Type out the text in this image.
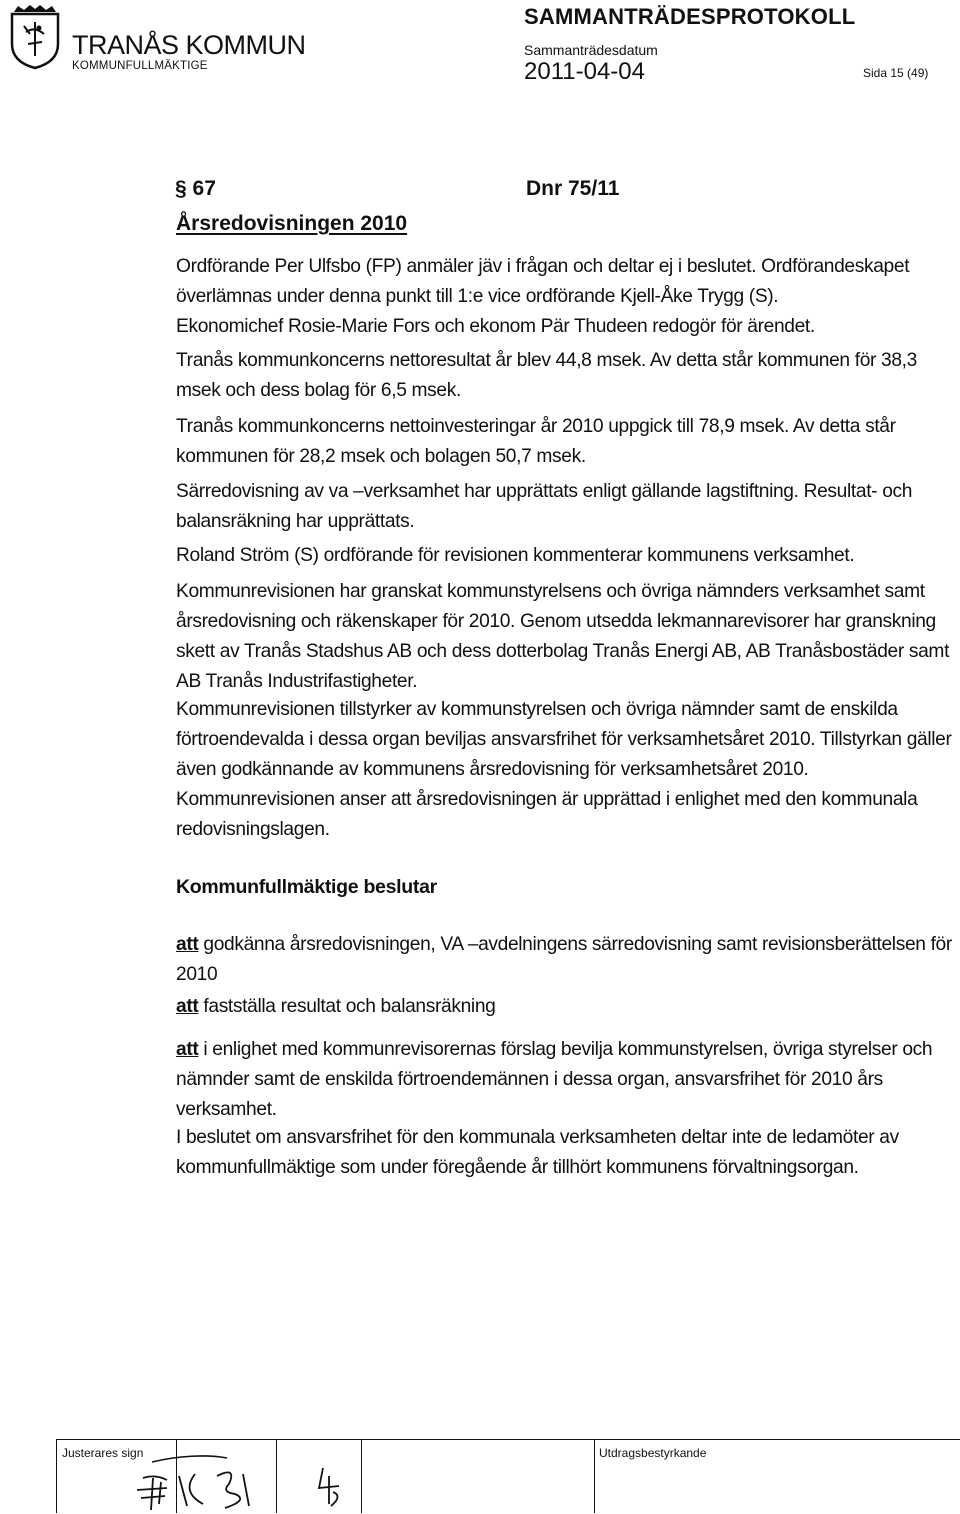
TRANÅS KOMMUN
KOMMUNFULLMÄKTIGE
SAMMANTRÄDESPROTOKOLL
Sammanträdesdatum
2011-04-04	Sida 15 (49)
§ 67	Dnr 75/11
Årsredovisningen 2010

Ordförande Per Ulfsbo (FP) anmäler jäv i frågan och deltar ej i beslutet. Ordförandeskapet överlämnas under denna punkt till 1:e vice ordförande Kjell-Åke Trygg (S).

Ekonomichef Rosie-Marie Fors och ekonom Pär Thudeen redogör för ärendet.

Tranås kommunkoncerns nettoresultat år blev 44,8 msek. Av detta står kommunen för 38,3 msek och dess bolag för 6,5 msek.

Tranås kommunkoncerns nettoinvesteringar år 2010 uppgick till 78,9 msek. Av detta står kommunen för 28,2 msek och bolagen 50,7 msek.

Särredovisning av va –verksamhet har upprättats enligt gällande lagstiftning. Resultat- och balansräkning har upprättats.

Roland Ström (S) ordförande för revisionen kommenterar kommunens verksamhet.

Kommunrevisionen har granskat kommunstyrelsens och övriga nämnders verksamhet samt årsredovisning och räkenskaper för 2010. Genom utsedda lekmannarevisorer har granskning skett av Tranås Stadshus AB och dess dotterbolag Tranås Energi AB, AB Tranåsbostäder samt AB Tranås Industrifastigheter.

Kommunrevisionen tillstyrker av kommunstyrelsen och övriga nämnder samt de enskilda förtroendevalda i dessa organ beviljas ansvarsfrihet för verksamhetsåret 2010. Tillstyrkan gäller även godkännande av kommunens årsredovisning för verksamhetsåret 2010. Kommunrevisionen anser att årsredovisningen är upprättad i enlighet med den kommunala redovisningslagen.

Kommunfullmäktige beslutar

att godkänna årsredovisningen, VA –avdelningens särredovisning samt revisionsberättelsen för 2010

att fastställa resultat och balansräkning

att i enlighet med kommunrevisorernas förslag bevilja kommunstyrelsen, övriga styrelser och nämnder samt de enskilda förtroendemännen i dessa organ, ansvarsfrihet för 2010 års verksamhet.

I beslutet om ansvarsfrihet för den kommunala verksamheten deltar inte de ledamöter av kommunfullmäktige som under föregående år tillhört kommunens förvaltningsorgan.

Justerares sign	Utdragsbestyrkande
